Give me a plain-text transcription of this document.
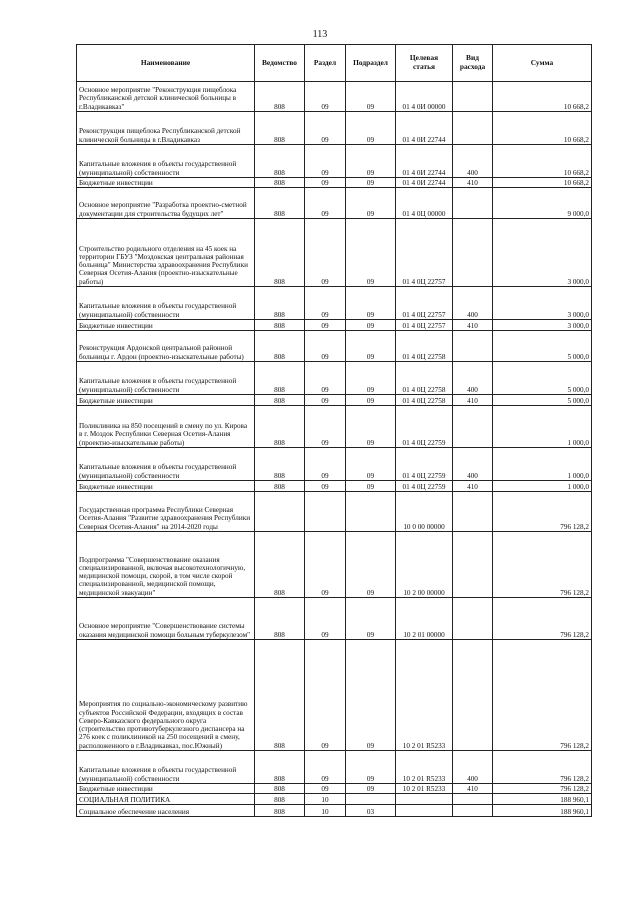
113
Наименование	Ведомство	Раздел	Подраздел	Целевая статья	Вид расхода	Сумма
Основное мероприятие "Реконструкция пищеблока Республиканской детской клинической больницы в г.Владикавказ"	808	09	09	01 4 0И 00000		10 668,2
Реконструкция пищеблока Республиканской детской клинической больницы в г.Владикавказ	808	09	09	01 4 0И 22744		10 668,2
Капитальные вложения в объекты государственной (муниципальной) собственности	808	09	09	01 4 0И 22744	400	10 668,2
Бюджетные инвестиции	808	09	09	01 4 0И 22744	410	10 668,2
Основное мероприятие "Разработка проектно-сметной документации для строительства будущих лет"	808	09	09	01 4 0Ц 00000		9 000,0
Строительство родильного отделения на 45 коек на территории ГБУЗ "Моздокская центральная районная больница" Министерства здравоохранения Республики Северная Осетия-Алания (проектно-изыскательные работы)	808	09	09	01 4 0Ц 22757		3 000,0
Капитальные вложения в объекты государственной (муниципальной) собственности	808	09	09	01 4 0Ц 22757	400	3 000,0
Бюджетные инвестиции	808	09	09	01 4 0Ц 22757	410	3 000,0
Реконструкция Ардонской центральной районной больницы г. Ардон (проектно-изыскательные работы)	808	09	09	01 4 0Ц 22758		5 000,0
Капитальные вложения в объекты государственной (муниципальной) собственности	808	09	09	01 4 0Ц 22758	400	5 000,0
Бюджетные инвестиции	808	09	09	01 4 0Ц 22758	410	5 000,0
Поликлиника на 850 посещений в смену по ул. Кирова в г. Моздок Республики Северная Осетия-Алания (проектно-изыскательные работы)	808	09	09	01 4 0Ц 22759		1 000,0
Капитальные вложения в объекты государственной (муниципальной) собственности	808	09	09	01 4 0Ц 22759	400	1 000,0
Бюджетные инвестиции	808	09	09	01 4 0Ц 22759	410	1 000,0
Государственная программа Республики Северная Осетия-Алания "Развитие здравоохранения Республики Северная Осетия-Алания" на 2014-2020 годы				10 0 00 00000		796 128,2
Подпрограмма "Совершенствование оказания специализированной, включая высокотехнологичную, медицинской помощи, скорой, в том числе скорой специализированной, медицинской помощи, медицинской эвакуации"	808	09	09	10 2 00 00000		796 128,2
Основное мероприятие "Совершенствование системы оказания медицинской помощи больным туберкулезом"	808	09	09	10 2 01 00000		796 128,2
Мероприятия по социально-экономическому развитию субъектов Российской Федерации, входящих в состав Северо-Кавказского федерального округа (строительство противотуберкулезного диспансера на 276 коек с поликлиникой на 250 посещений в смену, расположенного в г.Владикавказ, пос.Южный)	808	09	09	10 2 01 R5233		796 128,2
Капитальные вложения в объекты государственной (муниципальной) собственности	808	09	09	10 2 01 R5233	400	796 128,2
Бюджетные инвестиции	808	09	09	10 2 01 R5233	410	796 128,2
СОЦИАЛЬНАЯ ПОЛИТИКА	808	10				188 960,1
Социальное обеспечение населения	808	10	03			188 960,1
